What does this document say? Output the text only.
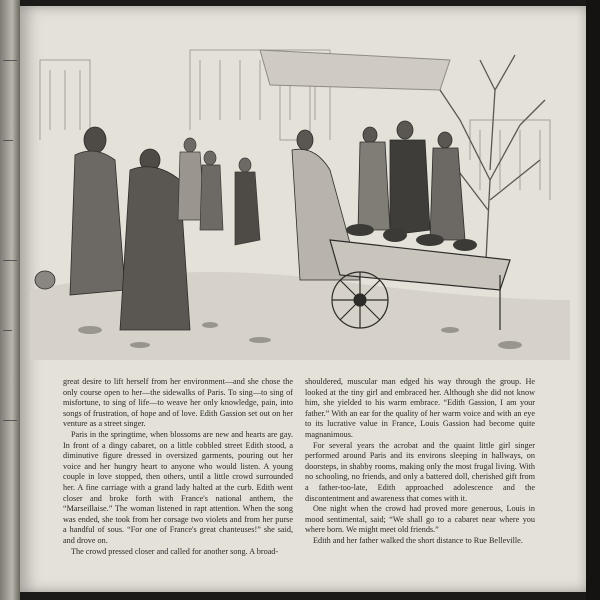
great desire to lift herself from her environment—and she chose the only course open to her—the sidewalks of Paris. To sing—to sing of misfortune, to sing of life—to weave her only knowledge, pain, into songs of frustration, of hope and of love. Edith Gassion set out on her venture as a street singer.

Paris in the springtime, when blossoms are new and hearts are gay. In front of a dingy cabaret, on a little cobbled street Edith stood, a diminutive figure dressed in oversized garments, pouring out her voice and her hungry heart to anyone who would listen. A young couple in love stopped, then others, until a little crowd surrounded her. A fine carriage with a grand lady halted at the curb. Edith went closer and broke forth with France's national anthem, the “Marseillaise.” The woman listened in rapt attention. When the song was ended, she took from her corsage two violets and from her purse a handful of sous. “For one of France's great chanteuses!” she said, and drove on.

The crowd pressed closer and called for another song. A broad-

shouldered, muscular man edged his way through the group. He looked at the tiny girl and embraced her. Although she did not know him, she yielded to his warm embrace. “Edith Gassion, I am your father.” With an ear for the quality of her warm voice and with an eye to its lucrative value in France, Louis Gassion had become quite magnanimous.

For several years the acrobat and the quaint little girl singer performed around Paris and its environs sleeping in hallways, on doorsteps, in shabby rooms, making only the most frugal living. With no schooling, no friends, and only a battered doll, cherished gift from a father-too-late, Edith approached adolescence and the discontentment and awareness that comes with it.

One night when the crowd had proved more generous, Louis in mood sentimental, said; “We shall go to a cabaret near where you where born. We might meet old friends.”

Edith and her father walked the short distance to Rue Belleville.
